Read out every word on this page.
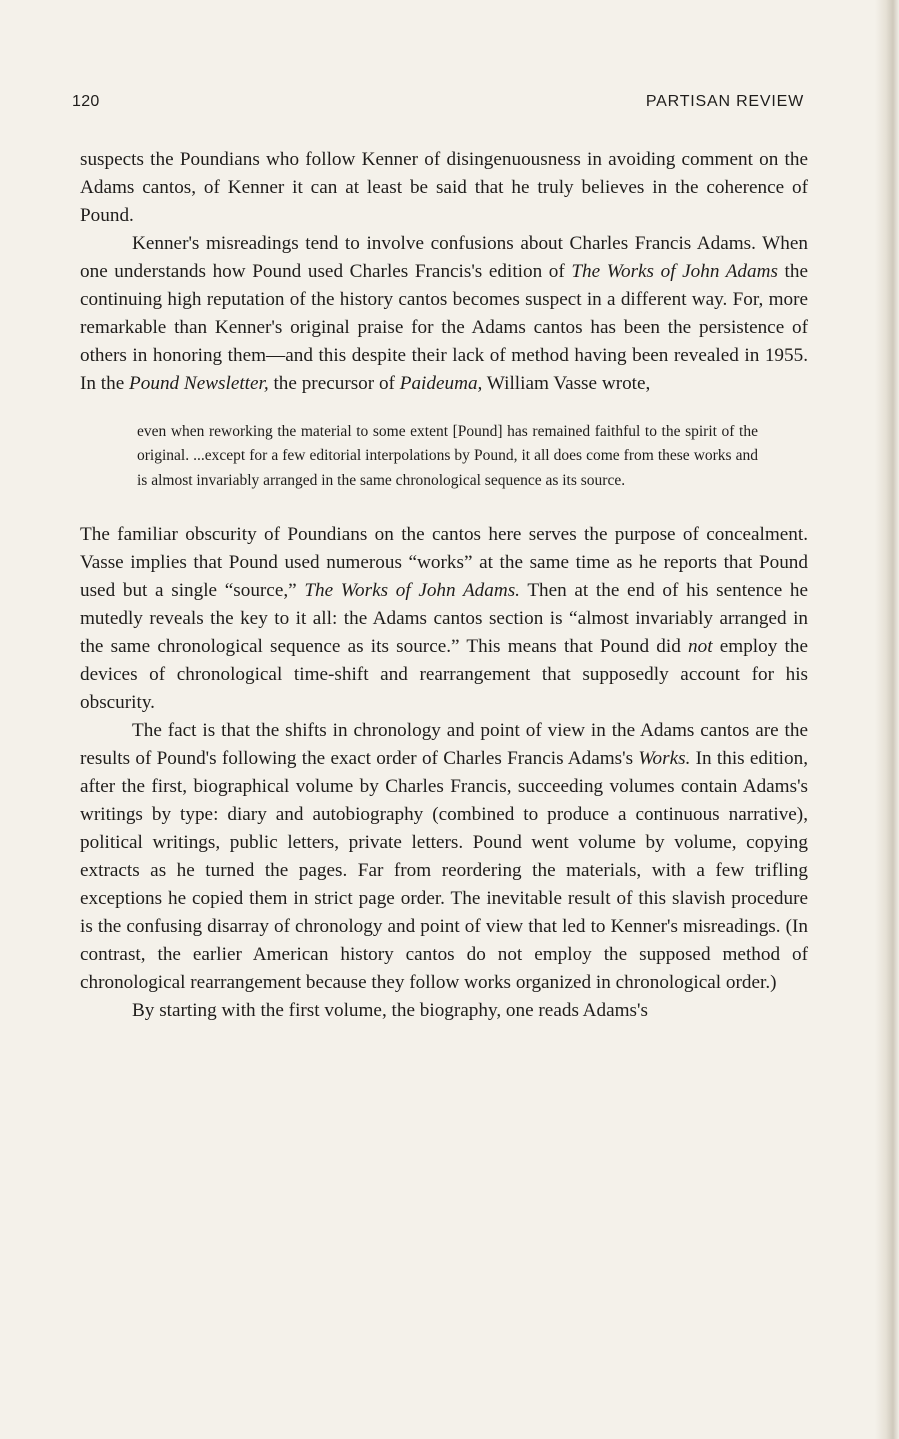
120	PARTISAN REVIEW

suspects the Poundians who follow Kenner of disingenuousness in avoiding comment on the Adams cantos, of Kenner it can at least be said that he truly believes in the coherence of Pound.

Kenner's misreadings tend to involve confusions about Charles Francis Adams. When one understands how Pound used Charles Francis's edition of The Works of John Adams the continuing high reputation of the history cantos becomes suspect in a different way. For, more remarkable than Kenner's original praise for the Adams cantos has been the persistence of others in honoring them—and this despite their lack of method having been revealed in 1955. In the Pound Newsletter, the precursor of Paideuma, William Vasse wrote,

even when reworking the material to some extent [Pound] has remained faithful to the spirit of the original. ...except for a few editorial interpolations by Pound, it all does come from these works and is almost invariably arranged in the same chronological sequence as its source.

The familiar obscurity of Poundians on the cantos here serves the purpose of concealment. Vasse implies that Pound used numerous “works” at the same time as he reports that Pound used but a single “source,” The Works of John Adams. Then at the end of his sentence he mutedly reveals the key to it all: the Adams cantos section is “almost invariably arranged in the same chronological sequence as its source.” This means that Pound did not employ the devices of chronological time-shift and rearrangement that supposedly account for his obscurity.

The fact is that the shifts in chronology and point of view in the Adams cantos are the results of Pound's following the exact order of Charles Francis Adams's Works. In this edition, after the first, biographical volume by Charles Francis, succeeding volumes contain Adams's writings by type: diary and autobiography (combined to produce a continuous narrative), political writings, public letters, private letters. Pound went volume by volume, copying extracts as he turned the pages. Far from reordering the materials, with a few trifling exceptions he copied them in strict page order. The inevitable result of this slavish procedure is the confusing disarray of chronology and point of view that led to Kenner's misreadings. (In contrast, the earlier American history cantos do not employ the supposed method of chronological rearrangement because they follow works organized in chronological order.)

By starting with the first volume, the biography, one reads Adams's
